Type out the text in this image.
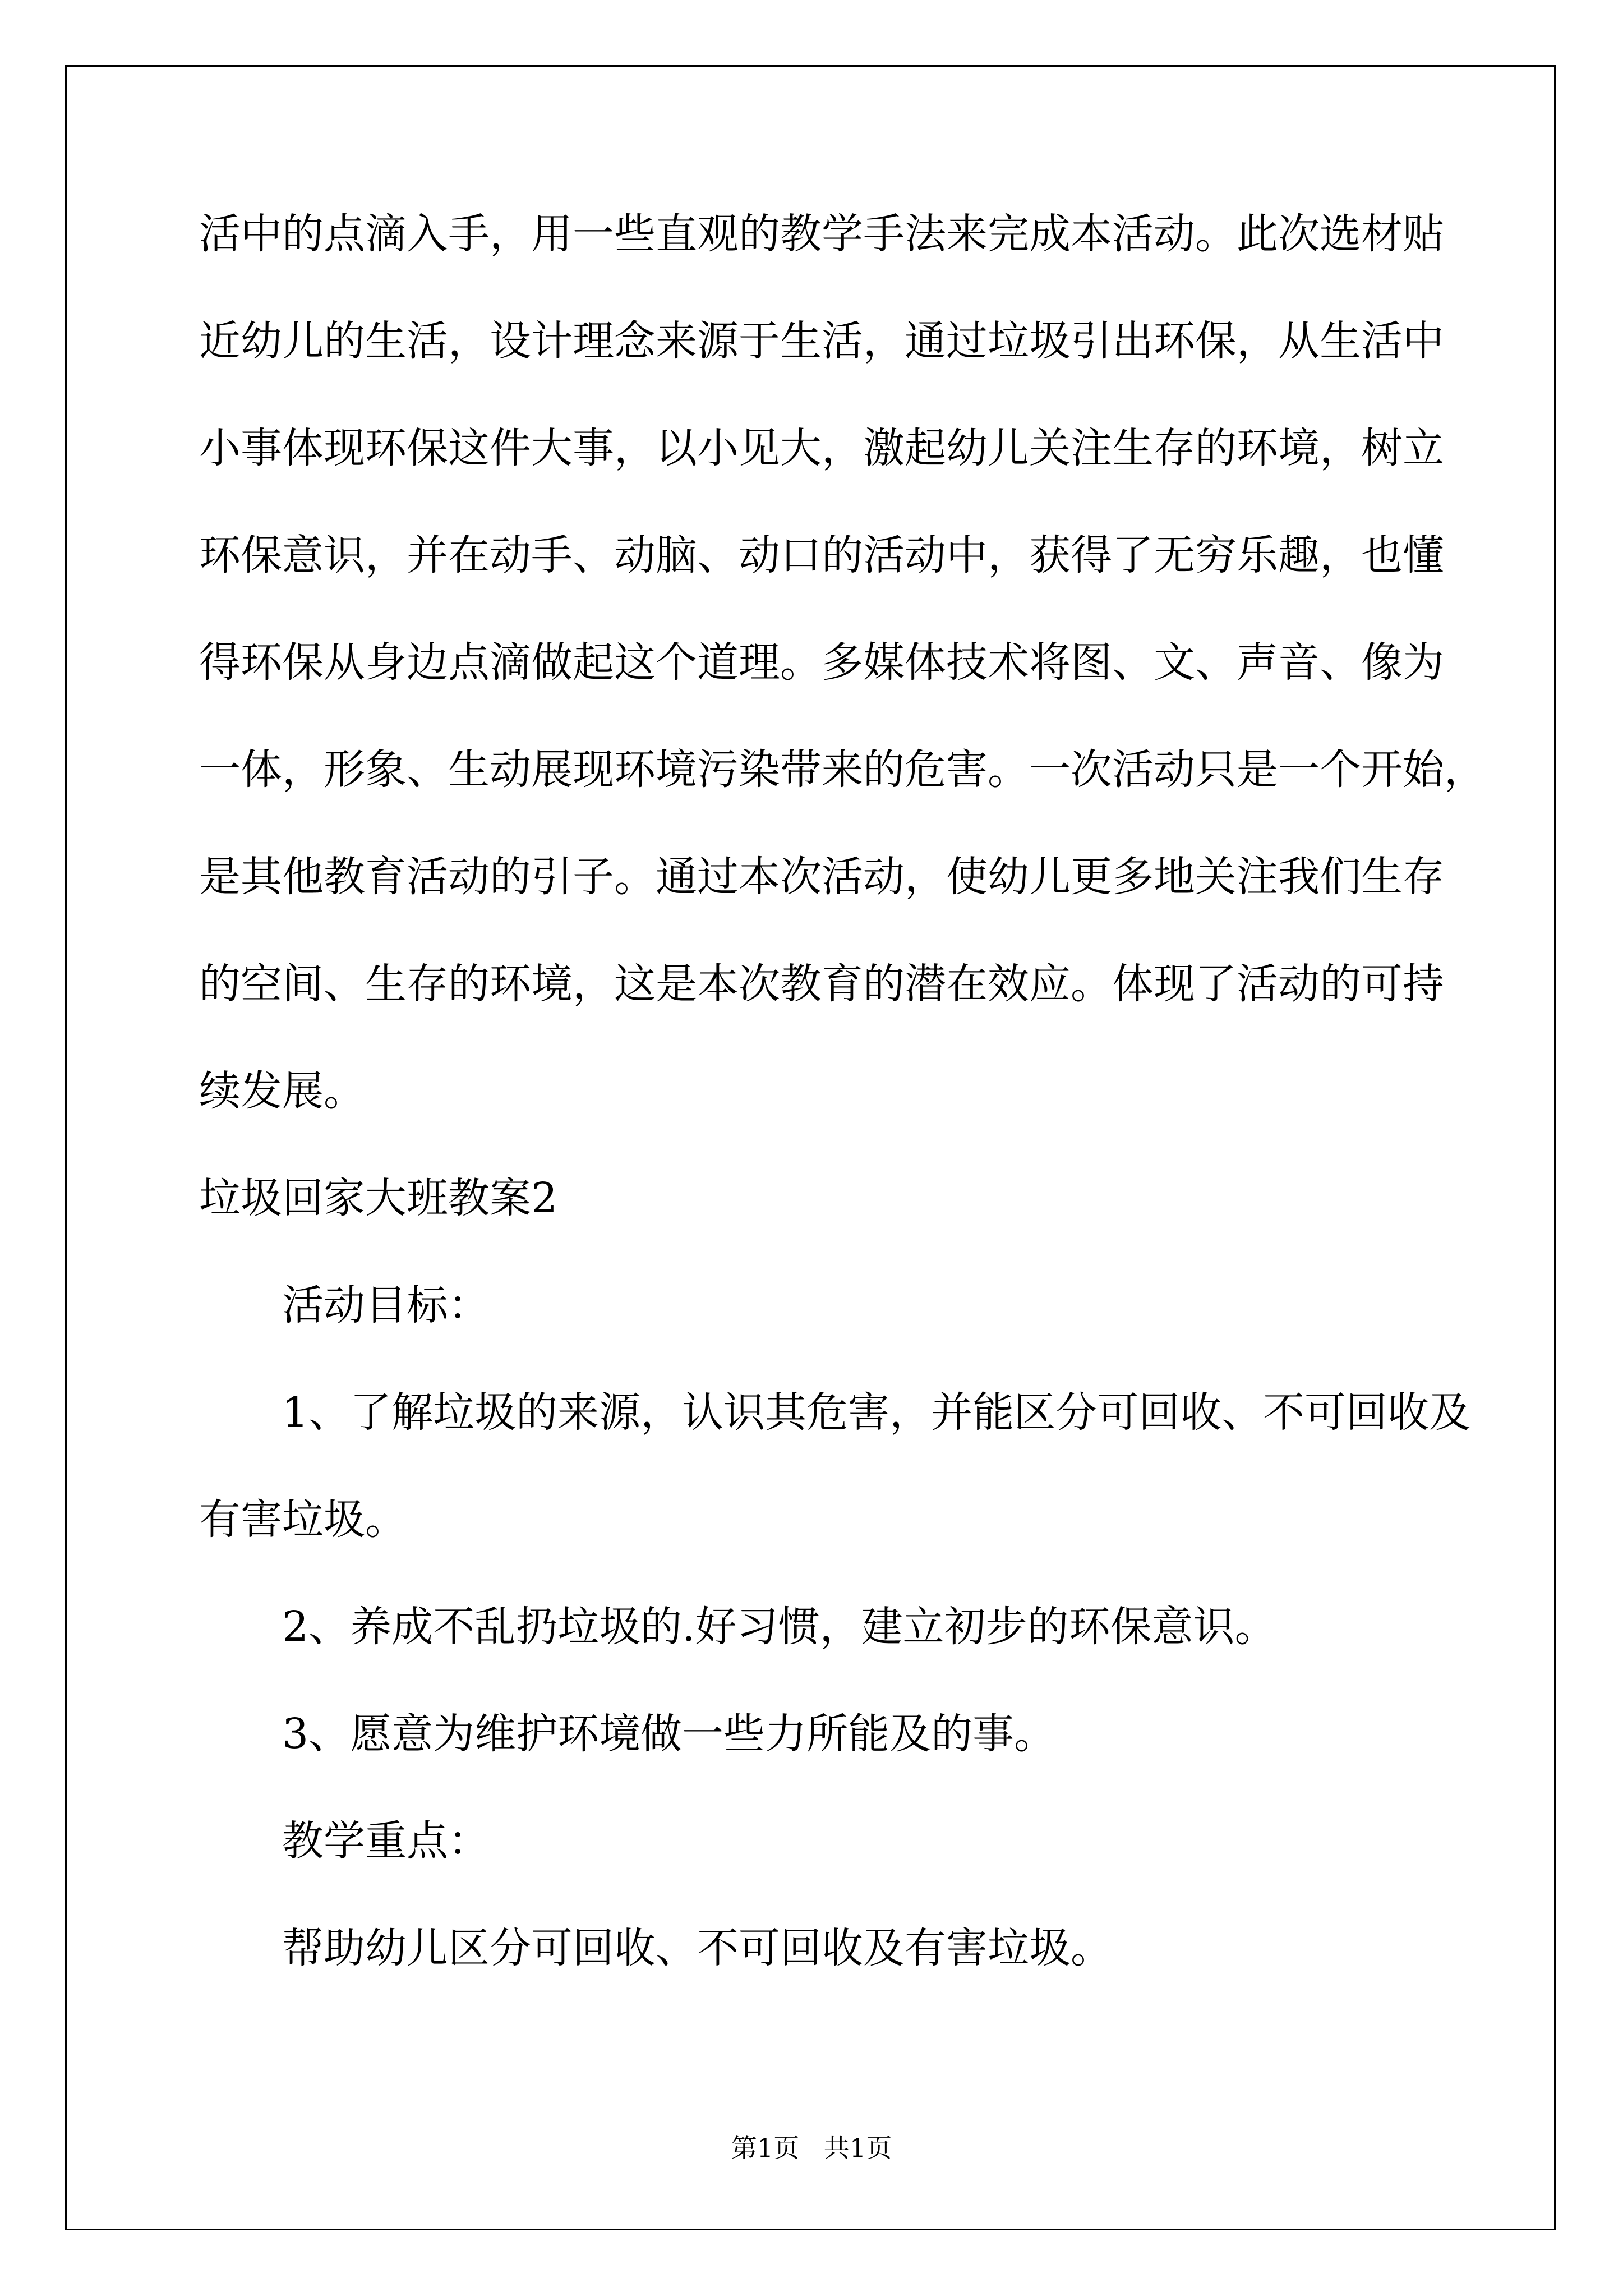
活中的点滴入手，用一些直观的教学手法来完成本活动。此次选材贴
近幼儿的生活，设计理念来源于生活，通过垃圾引出环保，从生活中
小事体现环保这件大事，以小见大，激起幼儿关注生存的环境，树立
环保意识，并在动手、动脑、动口的活动中，获得了无穷乐趣，也懂
得环保从身边点滴做起这个道理。多媒体技术将图、文、声音、像为
一体，形象、生动展现环境污染带来的危害。一次活动只是一个开始，
是其他教育活动的引子。通过本次活动，使幼儿更多地关注我们生存
的空间、生存的环境，这是本次教育的潜在效应。体现了活动的可持
续发展。
垃圾回家大班教案2
活动目标：
1、了解垃圾的来源，认识其危害，并能区分可回收、不可回收及
有害垃圾。
2、养成不乱扔垃圾的.好习惯，建立初步的环保意识。
3、愿意为维护环境做一些力所能及的事。
教学重点：
帮助幼儿区分可回收、不可回收及有害垃圾。
第1页   共1页
